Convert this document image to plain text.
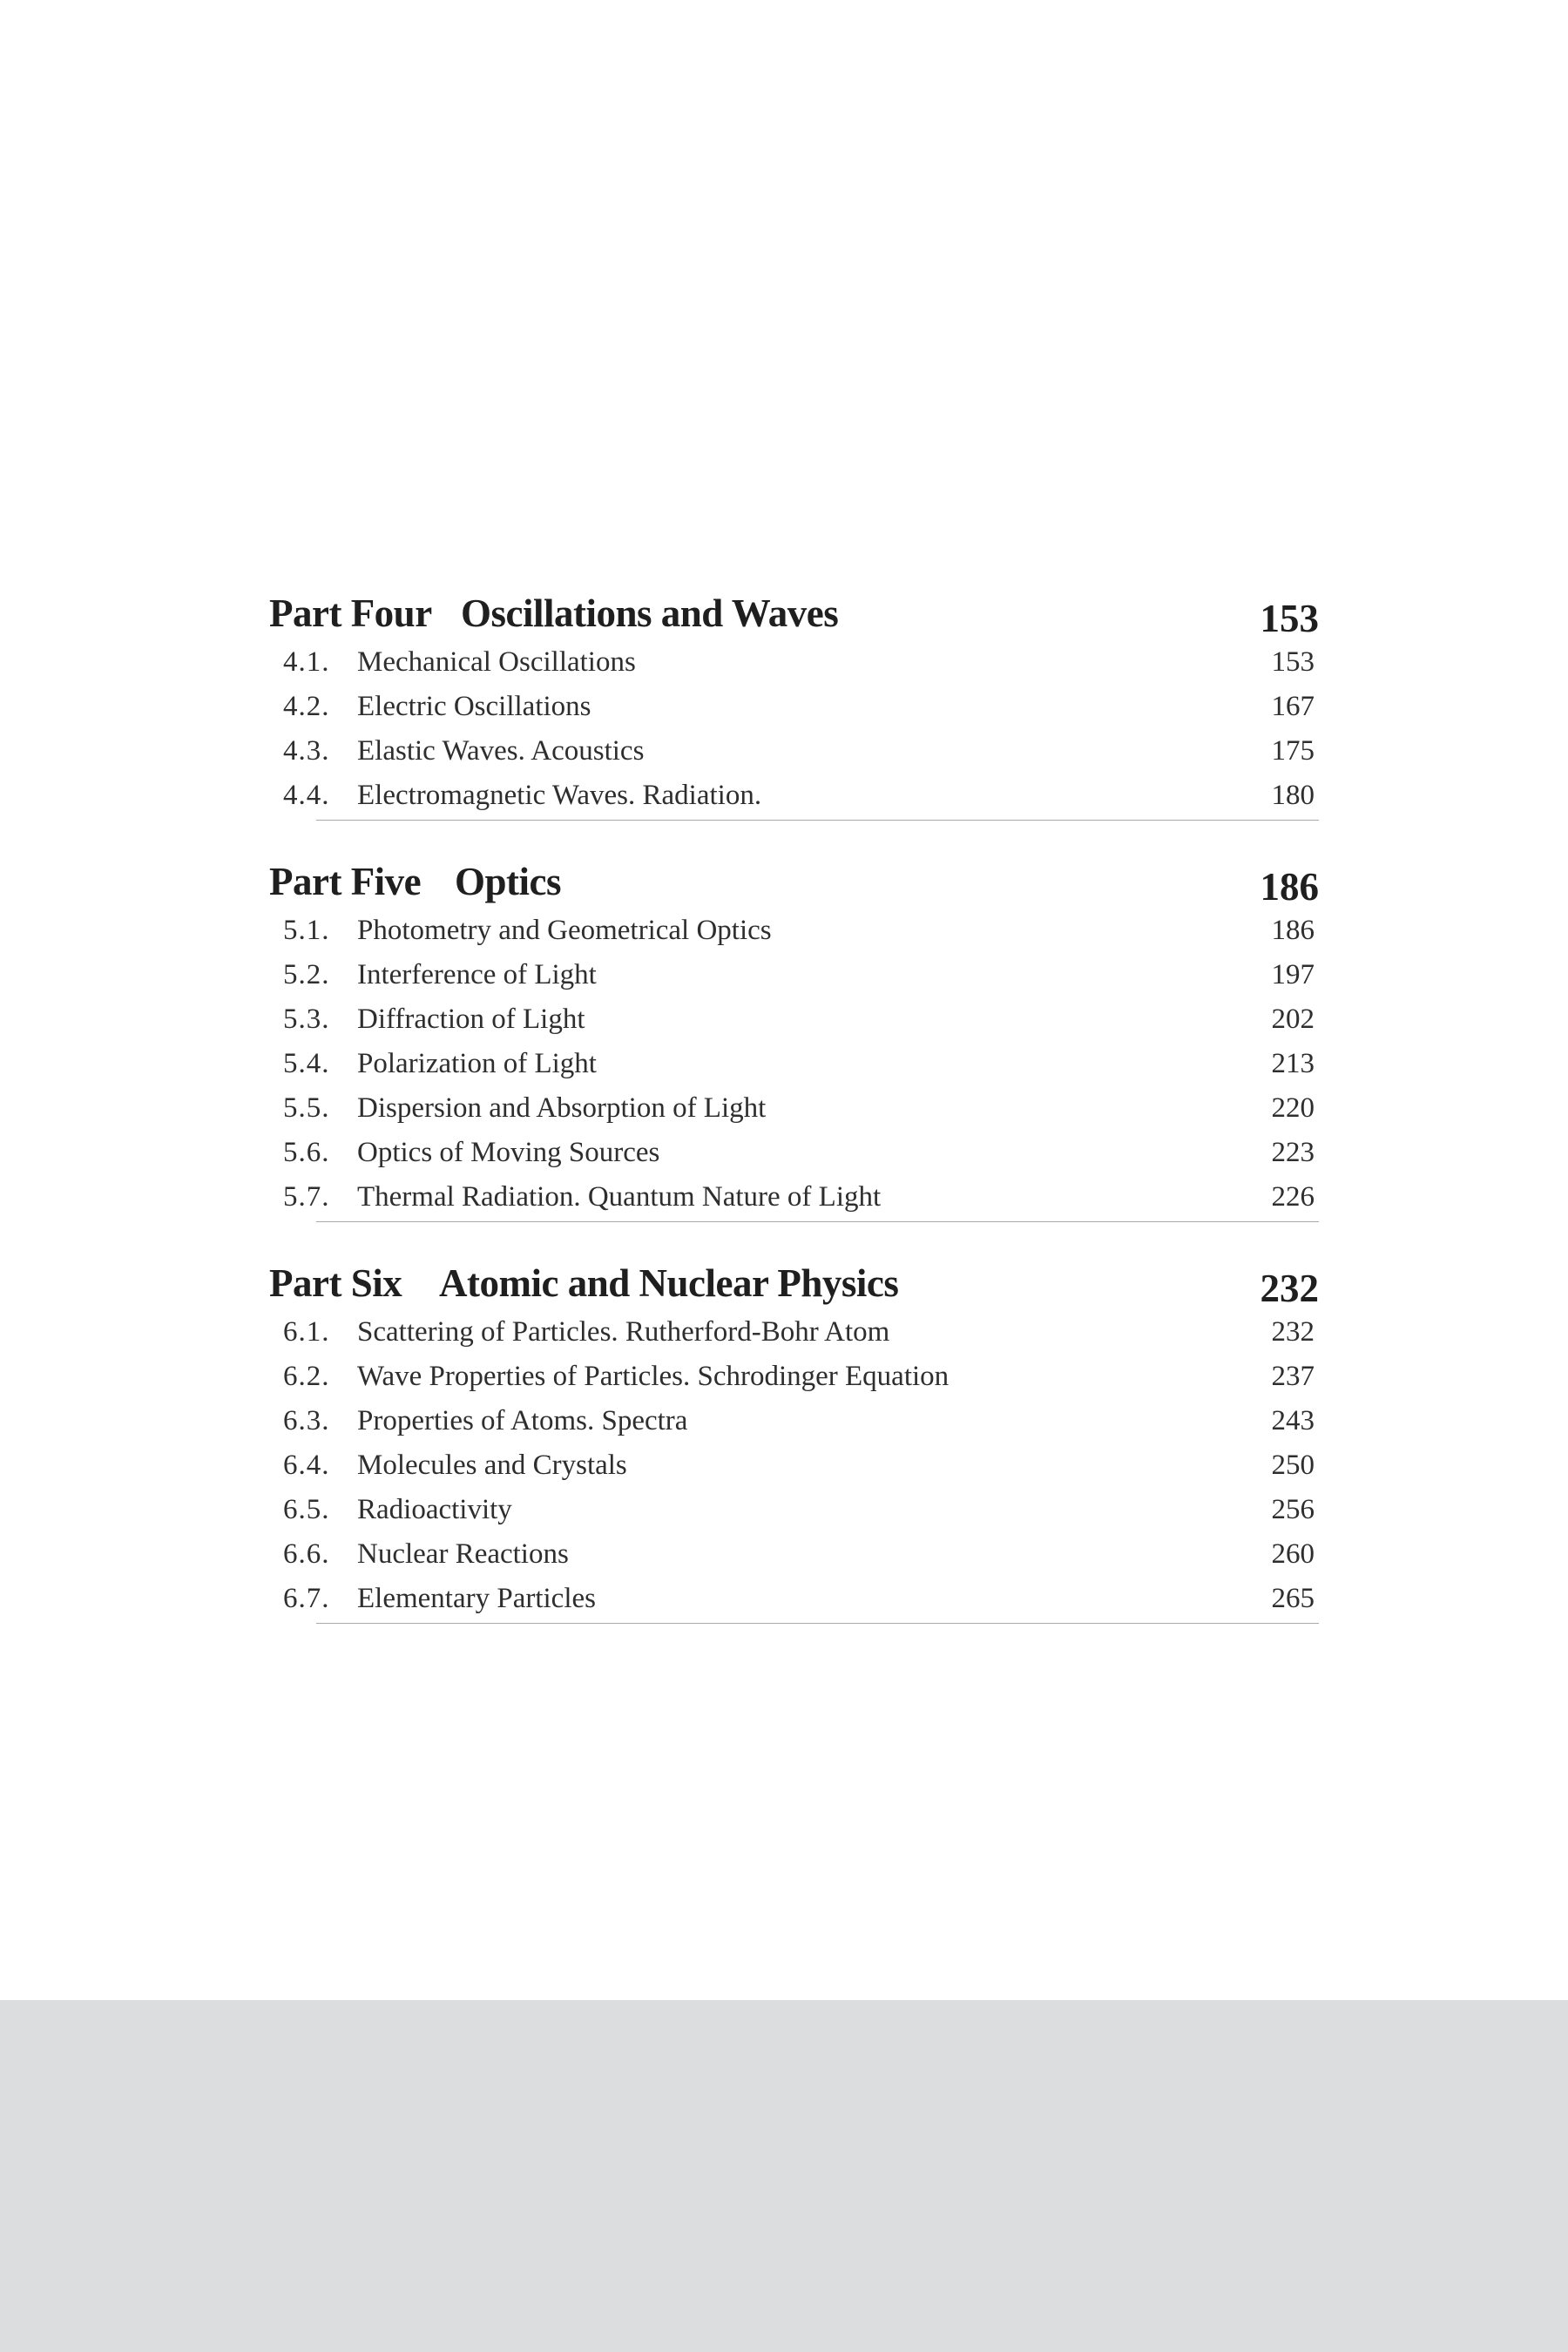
Part Four Oscillations and Waves	153
4.1. Mechanical Oscillations	153
4.2. Electric Oscillations	167
4.3. Elastic Waves. Acoustics	175
4.4. Electromagnetic Waves. Radiation.	180
Part Five Optics	186
5.1. Photometry and Geometrical Optics	186
5.2. Interference of Light	197
5.3. Diffraction of Light	202
5.4. Polarization of Light	213
5.5. Dispersion and Absorption of Light	220
5.6. Optics of Moving Sources	223
5.7. Thermal Radiation. Quantum Nature of Light	226
Part Six Atomic and Nuclear Physics	232
6.1. Scattering of Particles. Rutherford-Bohr Atom	232
6.2. Wave Properties of Particles. Schrodinger Equation	237
6.3. Properties of Atoms. Spectra	243
6.4. Molecules and Crystals	250
6.5. Radioactivity	256
6.6. Nuclear Reactions	260
6.7. Elementary Particles	265
